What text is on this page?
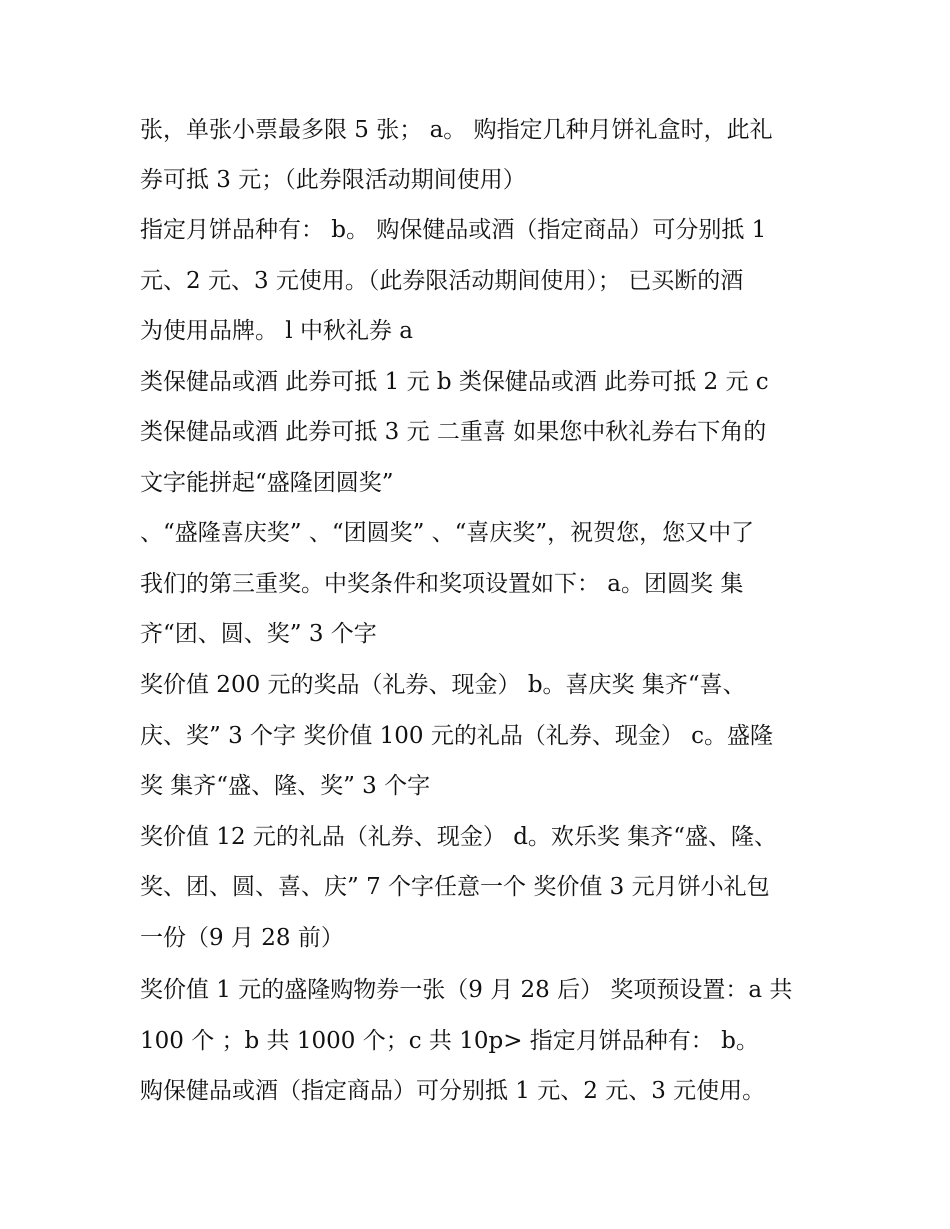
张，单张小票最多限 5 张； a。 购指定几种月饼礼盒时，此礼
券可抵 3 元；（此券限活动期间使用）
指定月饼品种有： b。 购保健品或酒（指定商品）可分别抵 1
元、2 元、3 元使用。（此券限活动期间使用）； 已买断的酒
为使用品牌。 l 中秋礼券 a
类保健品或酒 此券可抵 1 元 b 类保健品或酒 此券可抵 2 元 c
类保健品或酒 此券可抵 3 元 二重喜 如果您中秋礼券右下角的
文字能拼起“盛隆团圆奖”
、“盛隆喜庆奖” 、“团圆奖” 、“喜庆奖”，祝贺您，您又中了
我们的第三重奖。中奖条件和奖项设置如下： a。团圆奖 集
齐“团、圆、奖” 3 个字
奖价值 200 元的奖品（礼券、现金） b。喜庆奖 集齐“喜、
庆、奖” 3 个字 奖价值 100 元的礼品（礼券、现金） c。盛隆
奖 集齐“盛、隆、奖” 3 个字
奖价值 12 元的礼品（礼券、现金） d。欢乐奖 集齐“盛、隆、
奖、团、圆、喜、庆” 7 个字任意一个 奖价值 3 元月饼小礼包
一份（9 月 28 前）
奖价值 1 元的盛隆购物券一张（9 月 28 后） 奖项预设置：a 共
100 个 ；b 共 1000 个；c 共 10p> 指定月饼品种有： b。
购保健品或酒（指定商品）可分别抵 1 元、2 元、3 元使用。
